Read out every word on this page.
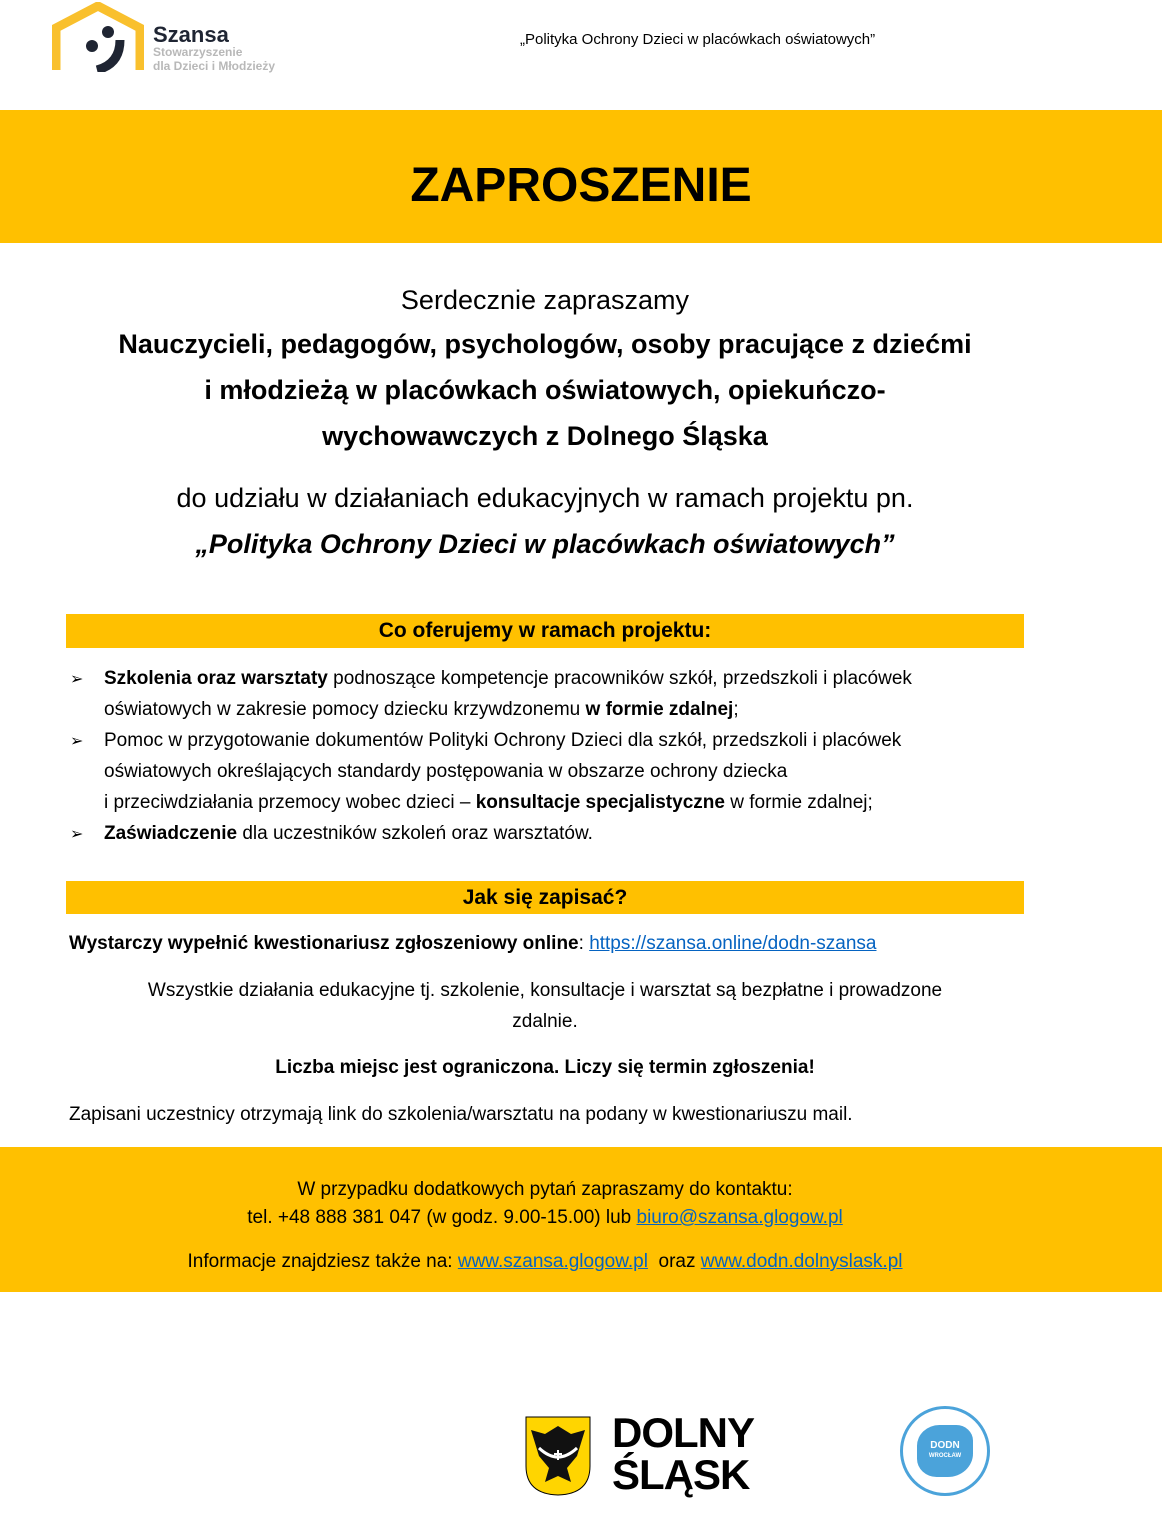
Szansa
Stowarzyszenie
dla Dzieci i Młodzieży
„Polityka Ochrony Dzieci w placówkach oświatowych”
ZAPROSZENIE
Serdecznie zapraszamy
Nauczycieli, pedagogów, psychologów, osoby pracujące z dziećmi
i młodzieżą w placówkach oświatowych, opiekuńczo-
wychowawczych z Dolnego Śląska
do udziału w działaniach edukacyjnych w ramach projektu pn.
„Polityka Ochrony Dzieci w placówkach oświatowych”
Co oferujemy w ramach projektu:
➢ Szkolenia oraz warsztaty podnoszące kompetencje pracowników szkół, przedszkoli i placówek
oświatowych w zakresie pomocy dziecku krzywdzonemu w formie zdalnej;
➢ Pomoc w przygotowanie dokumentów Polityki Ochrony Dzieci dla szkół, przedszkoli i placówek
oświatowych określających standardy postępowania w obszarze ochrony dziecka
i przeciwdziałania przemocy wobec dzieci – konsultacje specjalistyczne w formie zdalnej;
➢ Zaświadczenie dla uczestników szkoleń oraz warsztatów.
Jak się zapisać?
Wystarczy wypełnić kwestionariusz zgłoszeniowy online: https://szansa.online/dodn-szansa
Wszystkie działania edukacyjne tj. szkolenie, konsultacje i warsztat są bezpłatne i prowadzone
zdalnie.
Liczba miejsc jest ograniczona. Liczy się termin zgłoszenia!
Zapisani uczestnicy otrzymają link do szkolenia/warsztatu na podany w kwestionariuszu mail.
W przypadku dodatkowych pytań zapraszamy do kontaktu:
tel. +48 888 381 047 (w godz. 9.00-15.00) lub biuro@szansa.glogow.pl
Informacje znajdziesz także na: www.szansa.glogow.pl  oraz www.dodn.dolnyslask.pl
DOLNY
ŚLĄSK
DODN
WROCŁAW
